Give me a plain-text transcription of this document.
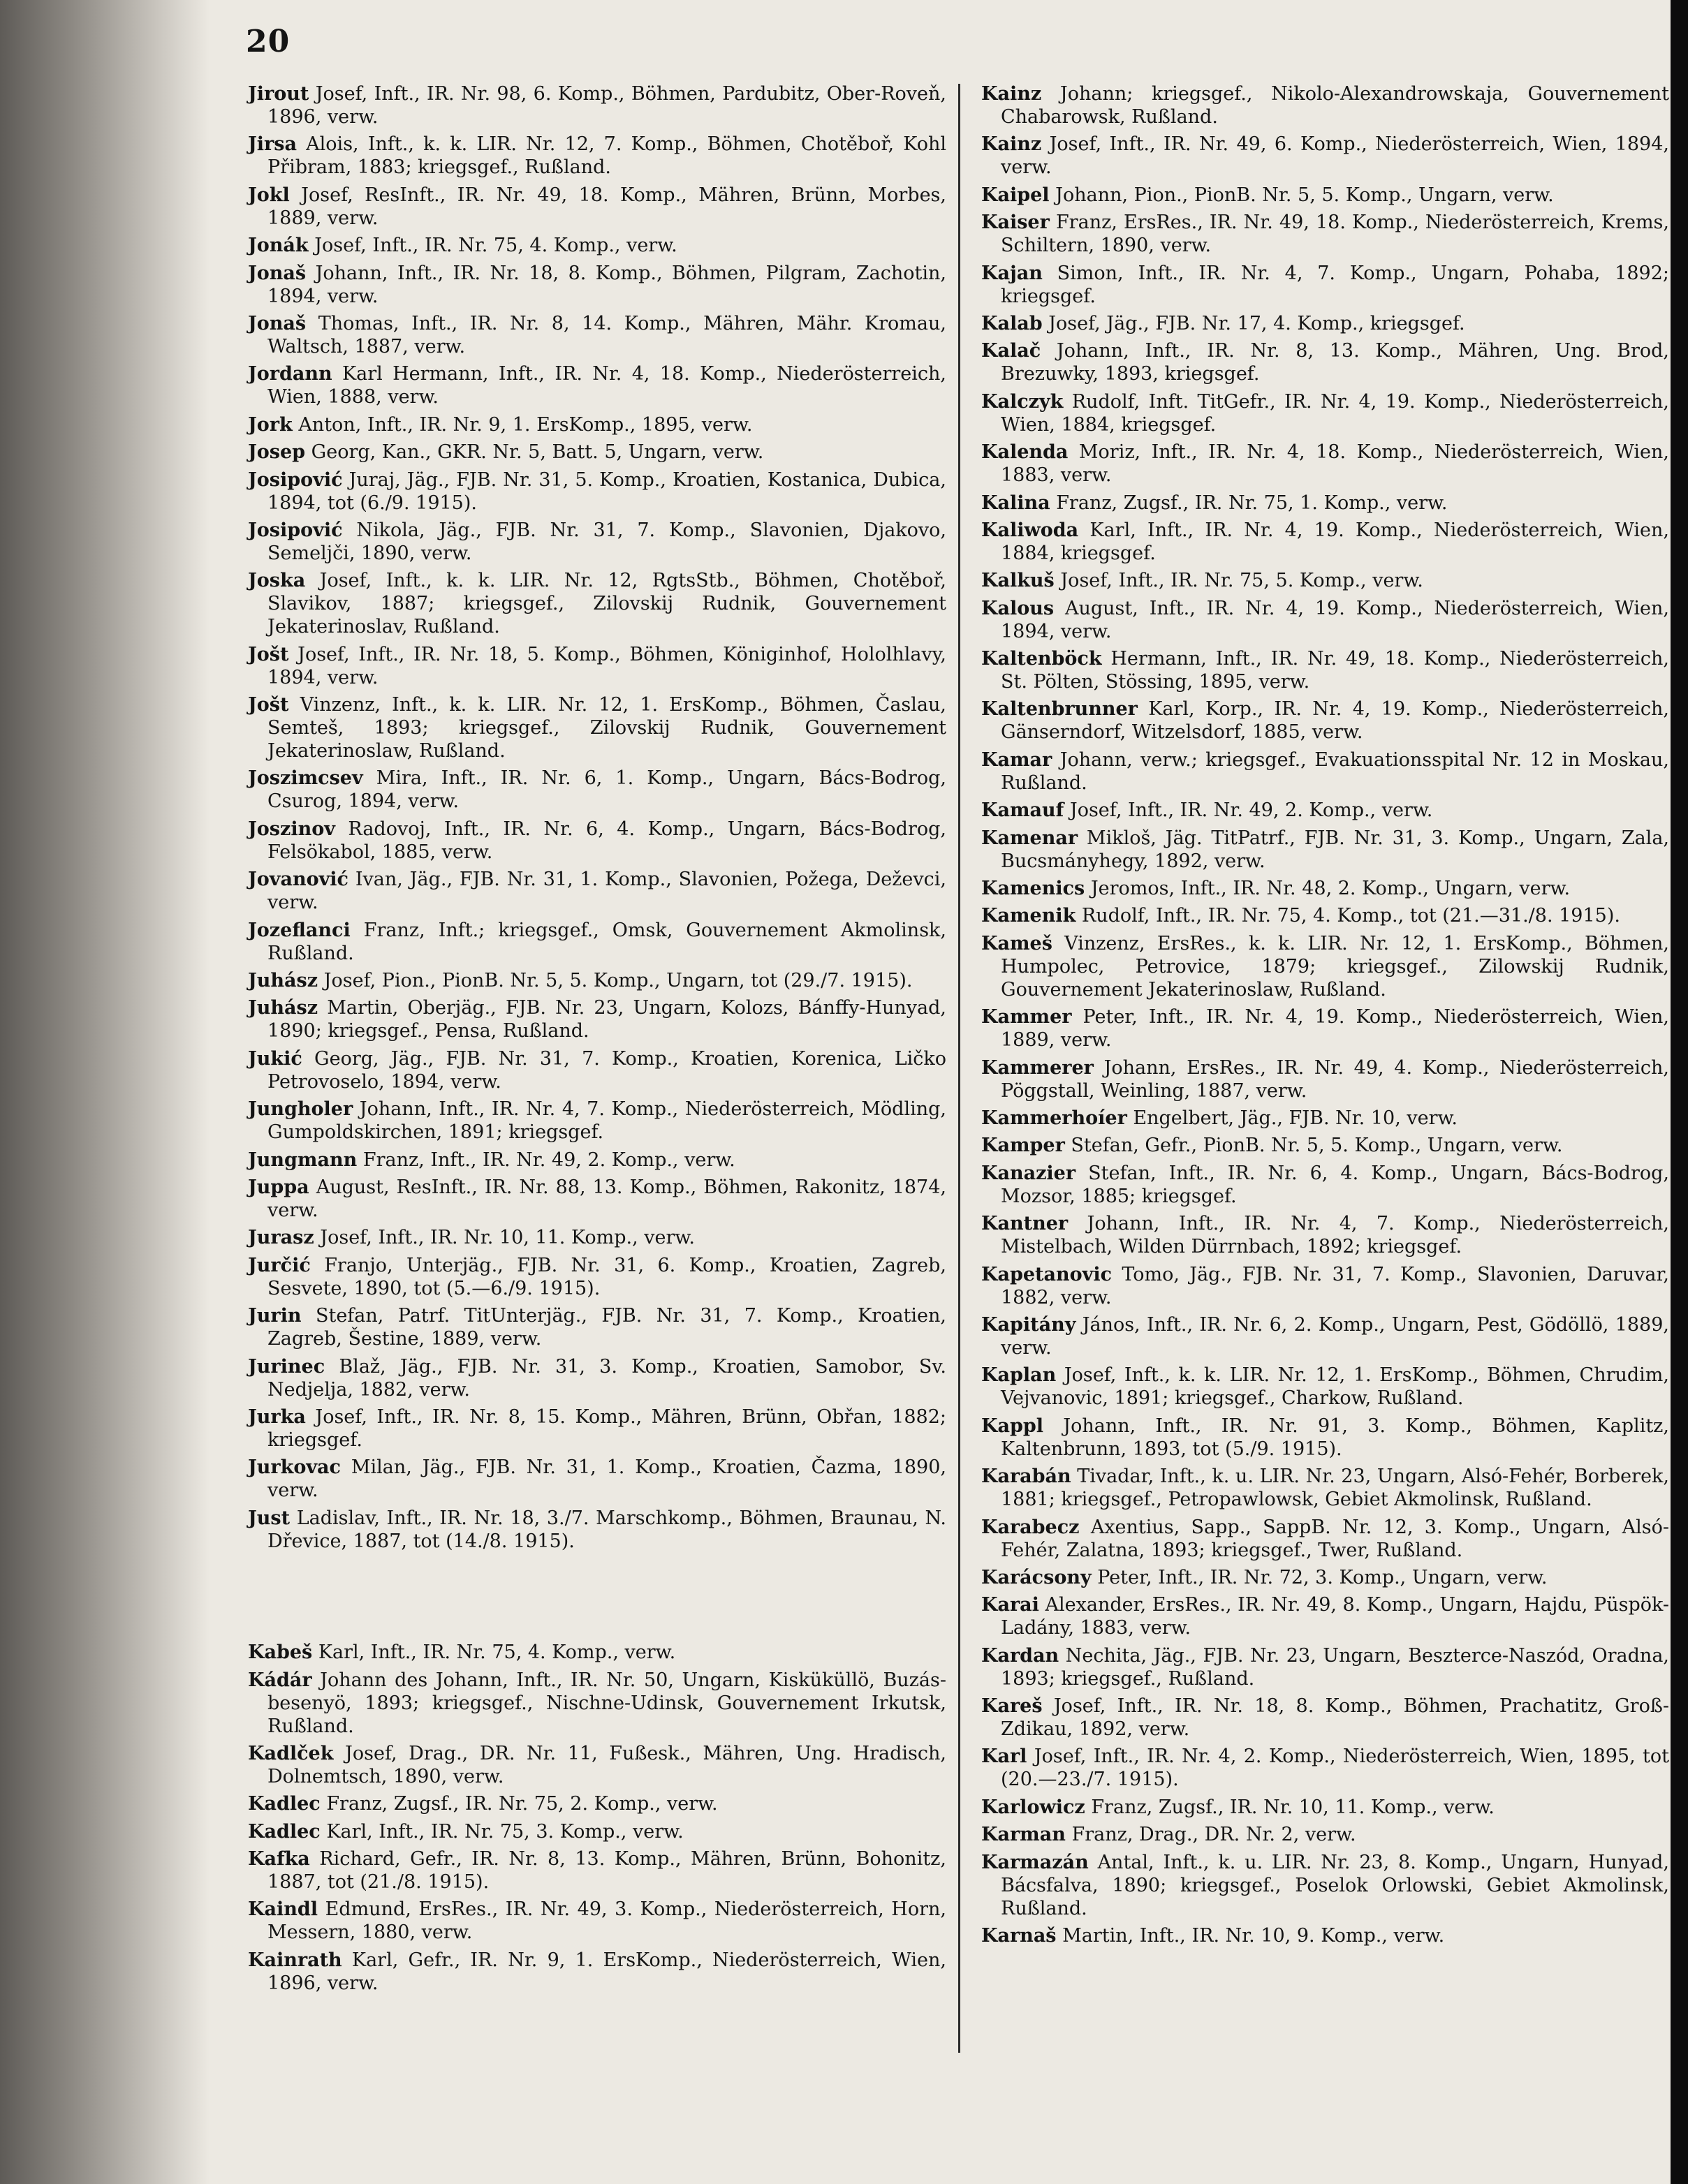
20
Jirout Josef, Inft., IR. Nr. 98, 6. Komp., Böhmen, Pardubitz, Ober-Roveň, 1896, verw.
Jirsa Alois, Inft., k. k. LIR. Nr. 12, 7. Komp., Böhmen, Chotěboř, Kohl Přibram, 1883; kriegsgef., Rußland.
Jokl Josef, ResInft., IR. Nr. 49, 18. Komp., Mähren, Brünn, Morbes, 1889, verw.
Jonák Josef, Inft., IR. Nr. 75, 4. Komp., verw.
Jonaš Johann, Inft., IR. Nr. 18, 8. Komp., Böhmen, Pilgram, Zachotin, 1894, verw.
Jonaš Thomas, Inft., IR. Nr. 8, 14. Komp., Mähren, Mähr. Kromau, Waltsch, 1887, verw.
Jordann Karl Hermann, Inft., IR. Nr. 4, 18. Komp., Niederösterreich, Wien, 1888, verw.
Jork Anton, Inft., IR. Nr. 9, 1. ErsKomp., 1895, verw.
Josep Georg, Kan., GKR. Nr. 5, Batt. 5, Ungarn, verw.
Josipović Juraj, Jäg., FJB. Nr. 31, 5. Komp., Kroatien, Kostanica, Dubica, 1894, tot (6./9. 1915).
Josipović Nikola, Jäg., FJB. Nr. 31, 7. Komp., Slavonien, Djakovo, Semeljči, 1890, verw.
Joska Josef, Inft., k. k. LIR. Nr. 12, RgtsStb., Böhmen, Chotěboř, Slavikov, 1887; kriegsgef., Zilovskij Rudnik, Gouvernement Jekaterinoslav, Rußland.
Jošt Josef, Inft., IR. Nr. 18, 5. Komp., Böhmen, Königinhof, Hololhlavy, 1894, verw.
Jošt Vinzenz, Inft., k. k. LIR. Nr. 12, 1. ErsKomp., Böhmen, Časlau, Semteš, 1893; kriegsgef., Zilovskij Rudnik, Gouvernement Jekaterinoslaw, Rußland.
Joszimcsev Mira, Inft., IR. Nr. 6, 1. Komp., Ungarn, Bács-Bodrog, Csurog, 1894, verw.
Joszinov Radovoj, Inft., IR. Nr. 6, 4. Komp., Ungarn, Bács-Bodrog, Felsökabol, 1885, verw.
Jovanović Ivan, Jäg., FJB. Nr. 31, 1. Komp., Slavonien, Požega, Deževci, verw.
Jozeflanci Franz, Inft.; kriegsgef., Omsk, Gouvernement Akmolinsk, Rußland.
Juhász Josef, Pion., PionB. Nr. 5, 5. Komp., Ungarn, tot (29./7. 1915).
Juhász Martin, Oberjäg., FJB. Nr. 23, Ungarn, Kolozs, Bánffy-Hunyad, 1890; kriegsgef., Pensa, Rußland.
Jukić Georg, Jäg., FJB. Nr. 31, 7. Komp., Kroatien, Korenica, Ličko Petrovoselo, 1894, verw.
Jungholer Johann, Inft., IR. Nr. 4, 7. Komp., Niederösterreich, Mödling, Gumpoldskirchen, 1891; kriegsgef.
Jungmann Franz, Inft., IR. Nr. 49, 2. Komp., verw.
Juppa August, ResInft., IR. Nr. 88, 13. Komp., Böhmen, Rakonitz, 1874, verw.
Jurasz Josef, Inft., IR. Nr. 10, 11. Komp., verw.
Jurčić Franjo, Unterjäg., FJB. Nr. 31, 6. Komp., Kroatien, Zagreb, Sesvete, 1890, tot (5.—6./9. 1915).
Jurin Stefan, Patrf. TitUnterjäg., FJB. Nr. 31, 7. Komp., Kroatien, Zagreb, Šestine, 1889, verw.
Jurinec Blaž, Jäg., FJB. Nr. 31, 3. Komp., Kroatien, Samobor, Sv. Nedjelja, 1882, verw.
Jurka Josef, Inft., IR. Nr. 8, 15. Komp., Mähren, Brünn, Obřan, 1882; kriegsgef.
Jurkovac Milan, Jäg., FJB. Nr. 31, 1. Komp., Kroatien, Čazma, 1890, verw.
Just Ladislav, Inft., IR. Nr. 18, 3./7. Marschkomp., Böhmen, Braunau, N. Dřevice, 1887, tot (14./8. 1915).
Kabeš Karl, Inft., IR. Nr. 75, 4. Komp., verw.
Kádár Johann des Johann, Inft., IR. Nr. 50, Ungarn, Kisküküllö, Buzás-besenyö, 1893; kriegsgef., Nischne-Udinsk, Gouvernement Irkutsk, Rußland.
Kadlček Josef, Drag., DR. Nr. 11, Fußesk., Mähren, Ung. Hradisch, Dolnemtsch, 1890, verw.
Kadlec Franz, Zugsf., IR. Nr. 75, 2. Komp., verw.
Kadlec Karl, Inft., IR. Nr. 75, 3. Komp., verw.
Kafka Richard, Gefr., IR. Nr. 8, 13. Komp., Mähren, Brünn, Bohonitz, 1887, tot (21./8. 1915).
Kaindl Edmund, ErsRes., IR. Nr. 49, 3. Komp., Niederösterreich, Horn, Messern, 1880, verw.
Kainrath Karl, Gefr., IR. Nr. 9, 1. ErsKomp., Niederösterreich, Wien, 1896, verw.
Kainz Johann; kriegsgef., Nikolo-Alexandrowskaja, Gouvernement Chabarowsk, Rußland.
Kainz Josef, Inft., IR. Nr. 49, 6. Komp., Niederösterreich, Wien, 1894, verw.
Kaipel Johann, Pion., PionB. Nr. 5, 5. Komp., Ungarn, verw.
Kaiser Franz, ErsRes., IR. Nr. 49, 18. Komp., Niederösterreich, Krems, Schiltern, 1890, verw.
Kajan Simon, Inft., IR. Nr. 4, 7. Komp., Ungarn, Pohaba, 1892; kriegsgef.
Kalab Josef, Jäg., FJB. Nr. 17, 4. Komp., kriegsgef.
Kalač Johann, Inft., IR. Nr. 8, 13. Komp., Mähren, Ung. Brod, Brezuwky, 1893, kriegsgef.
Kalczyk Rudolf, Inft. TitGefr., IR. Nr. 4, 19. Komp., Niederösterreich, Wien, 1884, kriegsgef.
Kalenda Moriz, Inft., IR. Nr. 4, 18. Komp., Niederösterreich, Wien, 1883, verw.
Kalina Franz, Zugsf., IR. Nr. 75, 1. Komp., verw.
Kaliwoda Karl, Inft., IR. Nr. 4, 19. Komp., Niederösterreich, Wien, 1884, kriegsgef.
Kalkuš Josef, Inft., IR. Nr. 75, 5. Komp., verw.
Kalous August, Inft., IR. Nr. 4, 19. Komp., Niederösterreich, Wien, 1894, verw.
Kaltenböck Hermann, Inft., IR. Nr. 49, 18. Komp., Niederösterreich, St. Pölten, Stössing, 1895, verw.
Kaltenbrunner Karl, Korp., IR. Nr. 4, 19. Komp., Niederösterreich, Gänserndorf, Witzelsdorf, 1885, verw.
Kamar Johann, verw.; kriegsgef., Evakuationsspital Nr. 12 in Moskau, Rußland.
Kamauf Josef, Inft., IR. Nr. 49, 2. Komp., verw.
Kamenar Mikloš, Jäg. TitPatrf., FJB. Nr. 31, 3. Komp., Ungarn, Zala, Bucsmányhegy, 1892, verw.
Kamenics Jeromos, Inft., IR. Nr. 48, 2. Komp., Ungarn, verw.
Kamenik Rudolf, Inft., IR. Nr. 75, 4. Komp., tot (21.—31./8. 1915).
Kameš Vinzenz, ErsRes., k. k. LIR. Nr. 12, 1. ErsKomp., Böhmen, Humpolec, Petrovice, 1879; kriegsgef., Zilowskij Rudnik, Gouvernement Jekaterinoslaw, Rußland.
Kammer Peter, Inft., IR. Nr. 4, 19. Komp., Niederösterreich, Wien, 1889, verw.
Kammerer Johann, ErsRes., IR. Nr. 49, 4. Komp., Niederösterreich, Pöggstall, Weinling, 1887, verw.
Kammerhoíer Engelbert, Jäg., FJB. Nr. 10, verw.
Kamper Stefan, Gefr., PionB. Nr. 5, 5. Komp., Ungarn, verw.
Kanazier Stefan, Inft., IR. Nr. 6, 4. Komp., Ungarn, Bács-Bodrog, Mozsor, 1885; kriegsgef.
Kantner Johann, Inft., IR. Nr. 4, 7. Komp., Niederösterreich, Mistelbach, Wilden Dürrnbach, 1892; kriegsgef.
Kapetanovic Tomo, Jäg., FJB. Nr. 31, 7. Komp., Slavonien, Daruvar, 1882, verw.
Kapitány János, Inft., IR. Nr. 6, 2. Komp., Ungarn, Pest, Gödöllö, 1889, verw.
Kaplan Josef, Inft., k. k. LIR. Nr. 12, 1. ErsKomp., Böhmen, Chrudim, Vejvanovic, 1891; kriegsgef., Charkow, Rußland.
Kappl Johann, Inft., IR. Nr. 91, 3. Komp., Böhmen, Kaplitz, Kaltenbrunn, 1893, tot (5./9. 1915).
Karabán Tivadar, Inft., k. u. LIR. Nr. 23, Ungarn, Alsó-Fehér, Borberek, 1881; kriegsgef., Petropawlowsk, Gebiet Akmolinsk, Rußland.
Karabecz Axentius, Sapp., SappB. Nr. 12, 3. Komp., Ungarn, Alsó-Fehér, Zalatna, 1893; kriegsgef., Twer, Rußland.
Karácsony Peter, Inft., IR. Nr. 72, 3. Komp., Ungarn, verw.
Karai Alexander, ErsRes., IR. Nr. 49, 8. Komp., Ungarn, Hajdu, Püspök-Ladány, 1883, verw.
Kardan Nechita, Jäg., FJB. Nr. 23, Ungarn, Beszterce-Naszód, Oradna, 1893; kriegsgef., Rußland.
Kareš Josef, Inft., IR. Nr. 18, 8. Komp., Böhmen, Prachatitz, Groß-Zdikau, 1892, verw.
Karl Josef, Inft., IR. Nr. 4, 2. Komp., Niederösterreich, Wien, 1895, tot (20.—23./7. 1915).
Karlowicz Franz, Zugsf., IR. Nr. 10, 11. Komp., verw.
Karman Franz, Drag., DR. Nr. 2, verw.
Karmazán Antal, Inft., k. u. LIR. Nr. 23, 8. Komp., Ungarn, Hunyad, Bácsfalva, 1890; kriegsgef., Poselok Orlowski, Gebiet Akmolinsk, Rußland.
Karnaš Martin, Inft., IR. Nr. 10, 9. Komp., verw.
